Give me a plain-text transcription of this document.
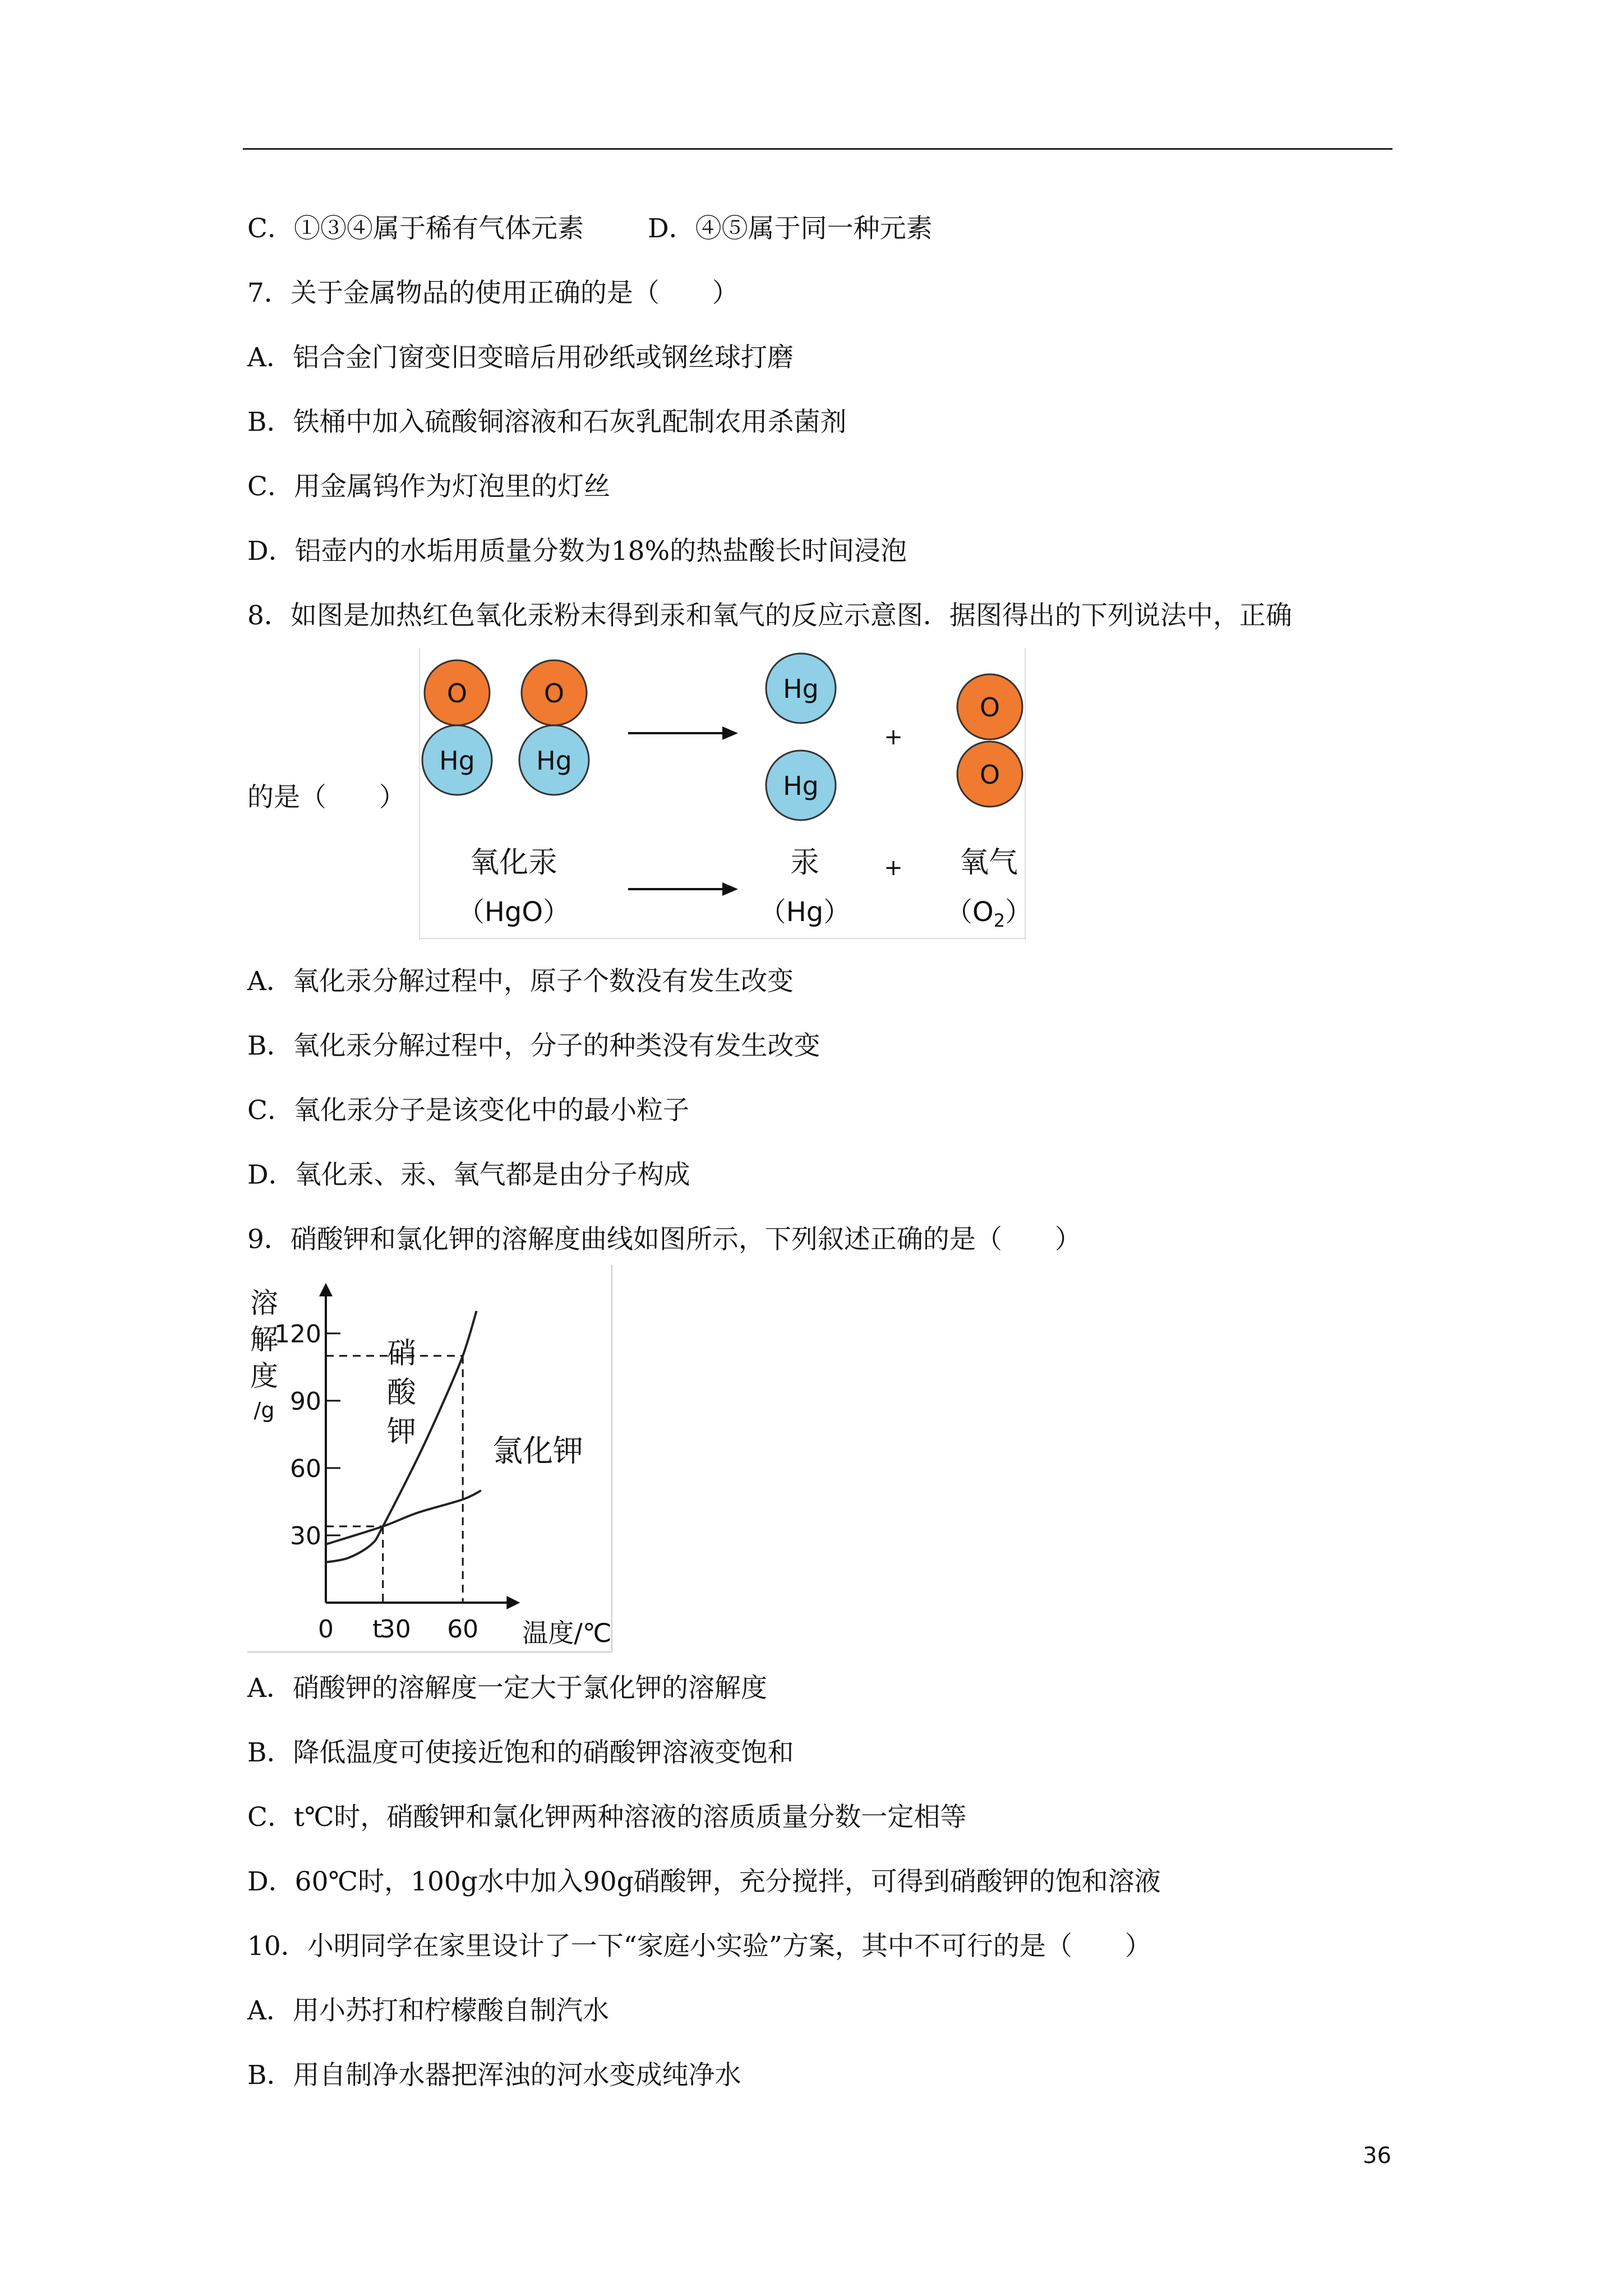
C．①③④属于稀有气体元素 D．④⑤属于同一种元素
7．关于金属物品的使用正确的是（　　）
A．铝合金门窗变旧变暗后用砂纸或钢丝球打磨
B．铁桶中加入硫酸铜溶液和石灰乳配制农用杀菌剂
C．用金属钨作为灯泡里的灯丝
D．铝壶内的水垢用质量分数为18%的热盐酸长时间浸泡
8．如图是加热红色氧化汞粉末得到汞和氧气的反应示意图．据图得出的下列说法中，正确
O
Hg
O
Hg
Hg
Hg
+
O
O
氧化汞
（HgO）
汞
（Hg）
+ 氧气
$(O_2)$
的是（　　）
A．氧化汞分解过程中，原子个数没有发生改变
B．氧化汞分解过程中，分子的种类没有发生改变
C．氧化汞分子是该变化中的最小粒子
D．氧化汞、汞、氧气都是由分子构成
9．硝酸钾和氯化钾的溶解度曲线如图所示，下列叙述正确的是（　　）
溶
解
度
/g
120
90
60
30
0 t
30 60 温度/℃
硝
酸
钾
氯化钾
A．硝酸钾的溶解度一定大于氯化钾的溶解度
B．降低温度可使接近饱和的硝酸钾溶液变饱和
C．t℃时，硝酸钾和氯化钾两种溶液的溶质质量分数一定相等
D．60℃时，100g水中加入90g硝酸钾，充分搅拌，可得到硝酸钾的饱和溶液
10．小明同学在家里设计了一下“家庭小实验”方案，其中不可行的是（　　）
A．用小苏打和柠檬酸自制汽水
B．用自制净水器把浑浊的河水变成纯净水
36
